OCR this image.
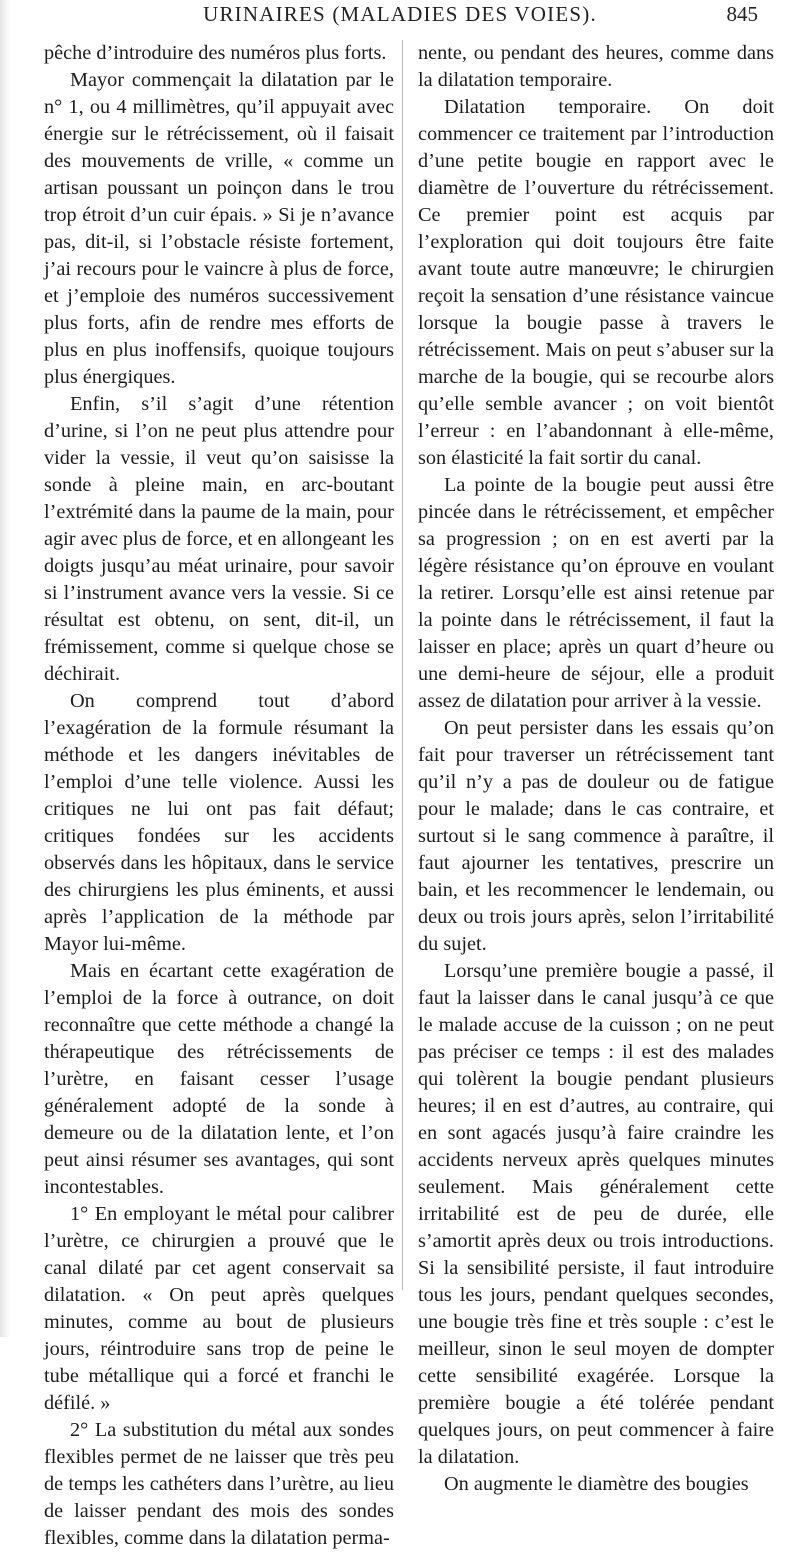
URINAIRES (MALADIES DES VOIES).	845

pêche d’introduire des numéros plus forts.

Mayor commençait la dilatation par le n° 1, ou 4 millimètres, qu’il appuyait avec énergie sur le rétrécissement, où il faisait des mouvements de vrille, « comme un artisan poussant un poinçon dans le trou trop étroit d’un cuir épais. » Si je n’avance pas, dit-il, si l’obstacle résiste fortement, j’ai recours pour le vaincre à plus de force, et j’emploie des numéros successivement plus forts, afin de rendre mes efforts de plus en plus inoffensifs, quoique toujours plus énergiques.

Enfin, s’il s’agit d’une rétention d’urine, si l’on ne peut plus attendre pour vider la vessie, il veut qu’on saisisse la sonde à pleine main, en arc-boutant l’extrémité dans la paume de la main, pour agir avec plus de force, et en allongeant les doigts jusqu’au méat urinaire, pour savoir si l’instrument avance vers la vessie. Si ce résultat est obtenu, on sent, dit-il, un frémissement, comme si quelque chose se déchirait.

On comprend tout d’abord l’exagération de la formule résumant la méthode et les dangers inévitables de l’emploi d’une telle violence. Aussi les critiques ne lui ont pas fait défaut; critiques fondées sur les accidents observés dans les hôpitaux, dans le service des chirurgiens les plus éminents, et aussi après l’application de la méthode par Mayor lui-même.

Mais en écartant cette exagération de l’emploi de la force à outrance, on doit reconnaître que cette méthode a changé la thérapeutique des rétrécissements de l’urètre, en faisant cesser l’usage généralement adopté de la sonde à demeure ou de la dilatation lente, et l’on peut ainsi résumer ses avantages, qui sont incontestables.

1° En employant le métal pour calibrer l’urètre, ce chirurgien a prouvé que le canal dilaté par cet agent conservait sa dilatation. « On peut après quelques minutes, comme au bout de plusieurs jours, réintroduire sans trop de peine le tube métallique qui a forcé et franchi le défilé. »

2° La substitution du métal aux sondes flexibles permet de ne laisser que très peu de temps les cathéters dans l’urètre, au lieu de laisser pendant des mois des sondes flexibles, comme dans la dilatation perma-

nente, ou pendant des heures, comme dans la dilatation temporaire.

Dilatation temporaire. On doit commencer ce traitement par l’introduction d’une petite bougie en rapport avec le diamètre de l’ouverture du rétrécissement. Ce premier point est acquis par l’exploration qui doit toujours être faite avant toute autre manœuvre; le chirurgien reçoit la sensation d’une résistance vaincue lorsque la bougie passe à travers le rétrécissement. Mais on peut s’abuser sur la marche de la bougie, qui se recourbe alors qu’elle semble avancer ; on voit bientôt l’erreur : en l’abandonnant à elle-même, son élasticité la fait sortir du canal.

La pointe de la bougie peut aussi être pincée dans le rétrécissement, et empêcher sa progression ; on en est averti par la légère résistance qu’on éprouve en voulant la retirer. Lorsqu’elle est ainsi retenue par la pointe dans le rétrécissement, il faut la laisser en place; après un quart d’heure ou une demi-heure de séjour, elle a produit assez de dilatation pour arriver à la vessie.

On peut persister dans les essais qu’on fait pour traverser un rétrécissement tant qu’il n’y a pas de douleur ou de fatigue pour le malade; dans le cas contraire, et surtout si le sang commence à paraître, il faut ajourner les tentatives, prescrire un bain, et les recommencer le lendemain, ou deux ou trois jours après, selon l’irritabilité du sujet.

Lorsqu’une première bougie a passé, il faut la laisser dans le canal jusqu’à ce que le malade accuse de la cuisson ; on ne peut pas préciser ce temps : il est des malades qui tolèrent la bougie pendant plusieurs heures; il en est d’autres, au contraire, qui en sont agacés jusqu’à faire craindre les accidents nerveux après quelques minutes seulement. Mais généralement cette irritabilité est de peu de durée, elle s’amortit après deux ou trois introductions. Si la sensibilité persiste, il faut introduire tous les jours, pendant quelques secondes, une bougie très fine et très souple : c’est le meilleur, sinon le seul moyen de dompter cette sensibilité exagérée. Lorsque la première bougie a été tolérée pendant quelques jours, on peut commencer à faire la dilatation.

On augmente le diamètre des bougies
